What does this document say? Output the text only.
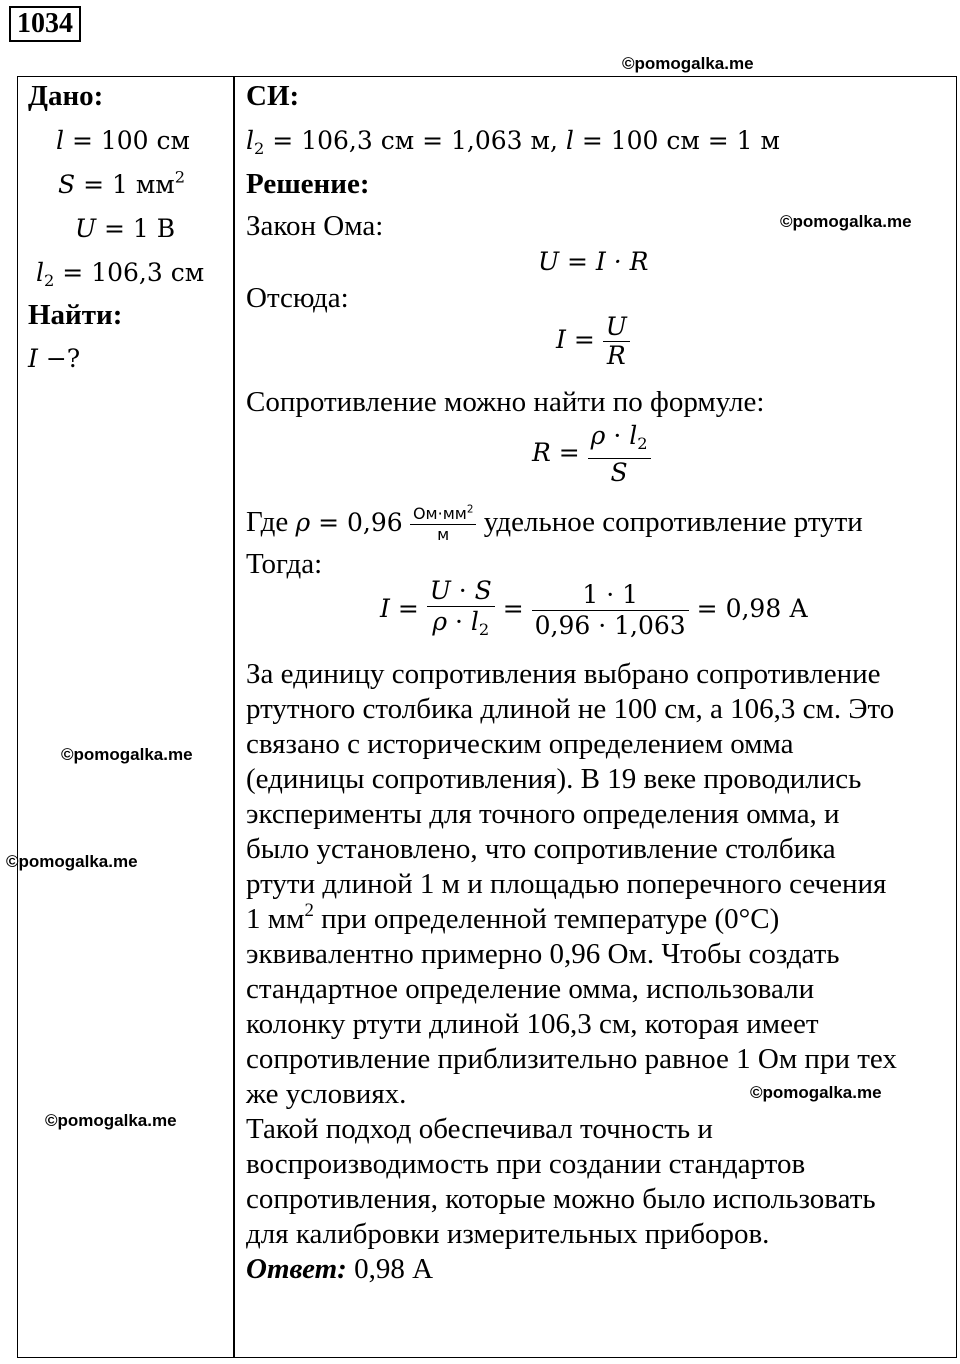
1034
©pomogalka.me
Дано:
l = 100 см
S = 1 $мм^2$
U = 1 В
$l_2 = 106,3$ см
Найти:
I −?
©pomogalka.me
©pomogalka.me
©pomogalka.me
СИ:
$l_2 = 106,3$ см = 1,063 м, l = 100 см = 1 м
Решение:
Закон Ома:	©pomogalka.me
U = I · R
Отсюда:
$I = \frac{U}{R}$
Сопротивление можно найти по формуле:
$R = \frac{\rho \cdot l_2}{S}$
Где $\rho = 0,96 \frac{Ом\cdot мм^2}{м}$ удельное сопротивление ртути
Тогда:
$I = \frac{U \cdot S}{\rho \cdot l_2} = \frac{1 \cdot 1}{0,96 \cdot 1,063} = 0,98$ А
За единицу сопротивления выбрано сопротивление
ртутного столбика длиной не 100 см, а 106,3 см. Это
связано с историческим определением омма
(единицы сопротивления). В 19 веке проводились
эксперименты для точного определения омма, и
было установлено, что сопротивление столбика
ртути длиной 1 м и площадью поперечного сечения
1 $мм^2$ при определенной температуре (0°C)
эквивалентно примерно 0,96 Ом. Чтобы создать
стандартное определение омма, использовали
колонку ртути длиной 106,3 см, которая имеет
сопротивление приблизительно равное 1 Ом при тех
же условиях.
Такой подход обеспечивал точность и
воспроизводимость при создании стандартов
сопротивления, которые можно было использовать
для калибровки измерительных приборов.
Ответ: 0,98 А
©pomogalka.me
